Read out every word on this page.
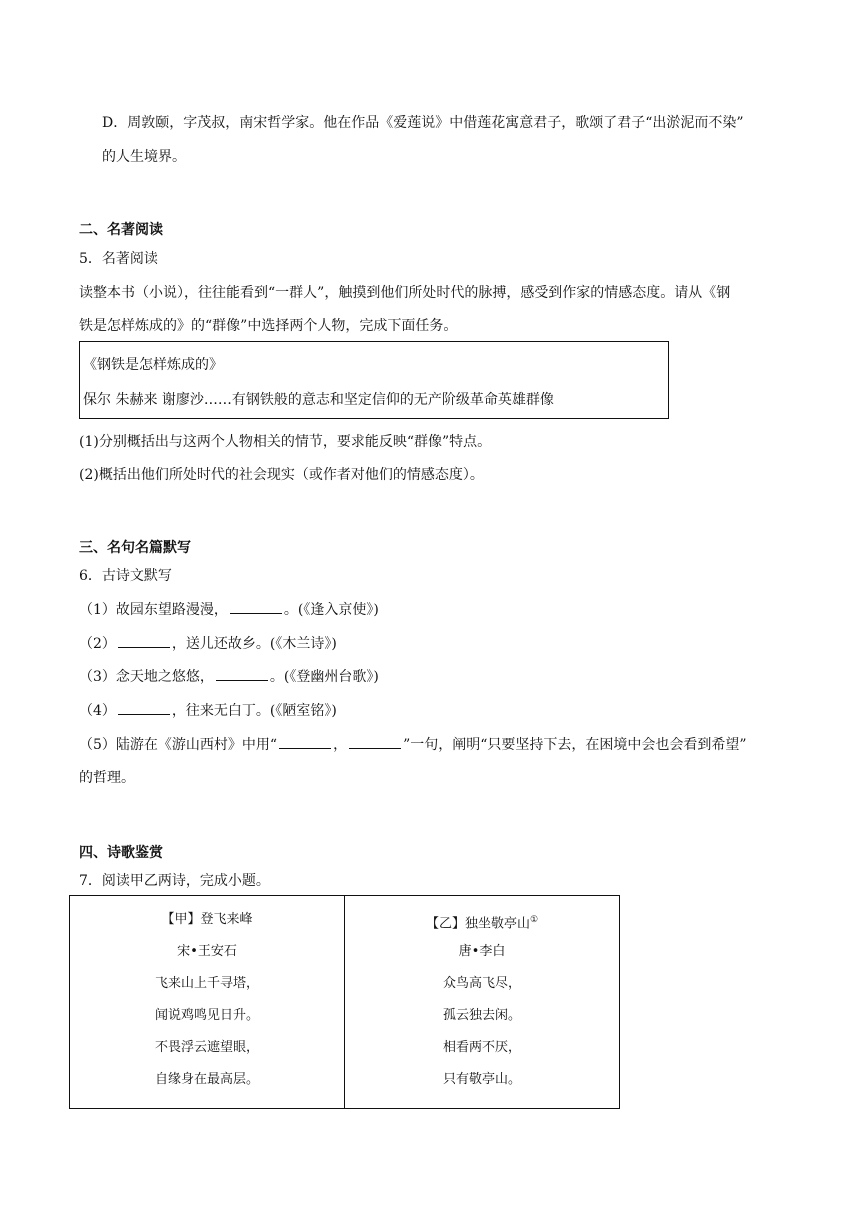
D．周敦颐，字茂叔，南宋哲学家。他在作品《爱莲说》中借莲花寓意君子，歌颂了君子“出淤泥而不染”
的人生境界。
二、名著阅读
5．名著阅读
读整本书（小说），往往能看到“一群人”，触摸到他们所处时代的脉搏，感受到作家的情感态度。请从《钢
铁是怎样炼成的》的“群像”中选择两个人物，完成下面任务。
《钢铁是怎样炼成的》
保尔 朱赫来 谢廖沙……有钢铁般的意志和坚定信仰的无产阶级革命英雄群像
(1)分别概括出与这两个人物相关的情节，要求能反映“群像”特点。
(2)概括出他们所处时代的社会现实（或作者对他们的情感态度）。
三、名句名篇默写
6．古诗文默写
（1）故园东望路漫漫，	。(《逢入京使》)
（2）	，送儿还故乡。(《木兰诗》)
（3）念天地之悠悠，	。(《登幽州台歌》)
（4）	，往来无白丁。(《陋室铭》)
（5）陆游在《游山西村》中用“	，	”一句，阐明“只要坚持下去，在困境中会也会看到希望”
的哲理。
四、诗歌鉴赏
7．阅读甲乙两诗，完成小题。
【甲】登飞来峰
宋•王安石
飞来山上千寻塔，
闻说鸡鸣见日升。
不畏浮云遮望眼，
自缘身在最高层。
【乙】独坐敬亭山①
唐•李白
众鸟高飞尽，
孤云独去闲。
相看两不厌，
只有敬亭山。
